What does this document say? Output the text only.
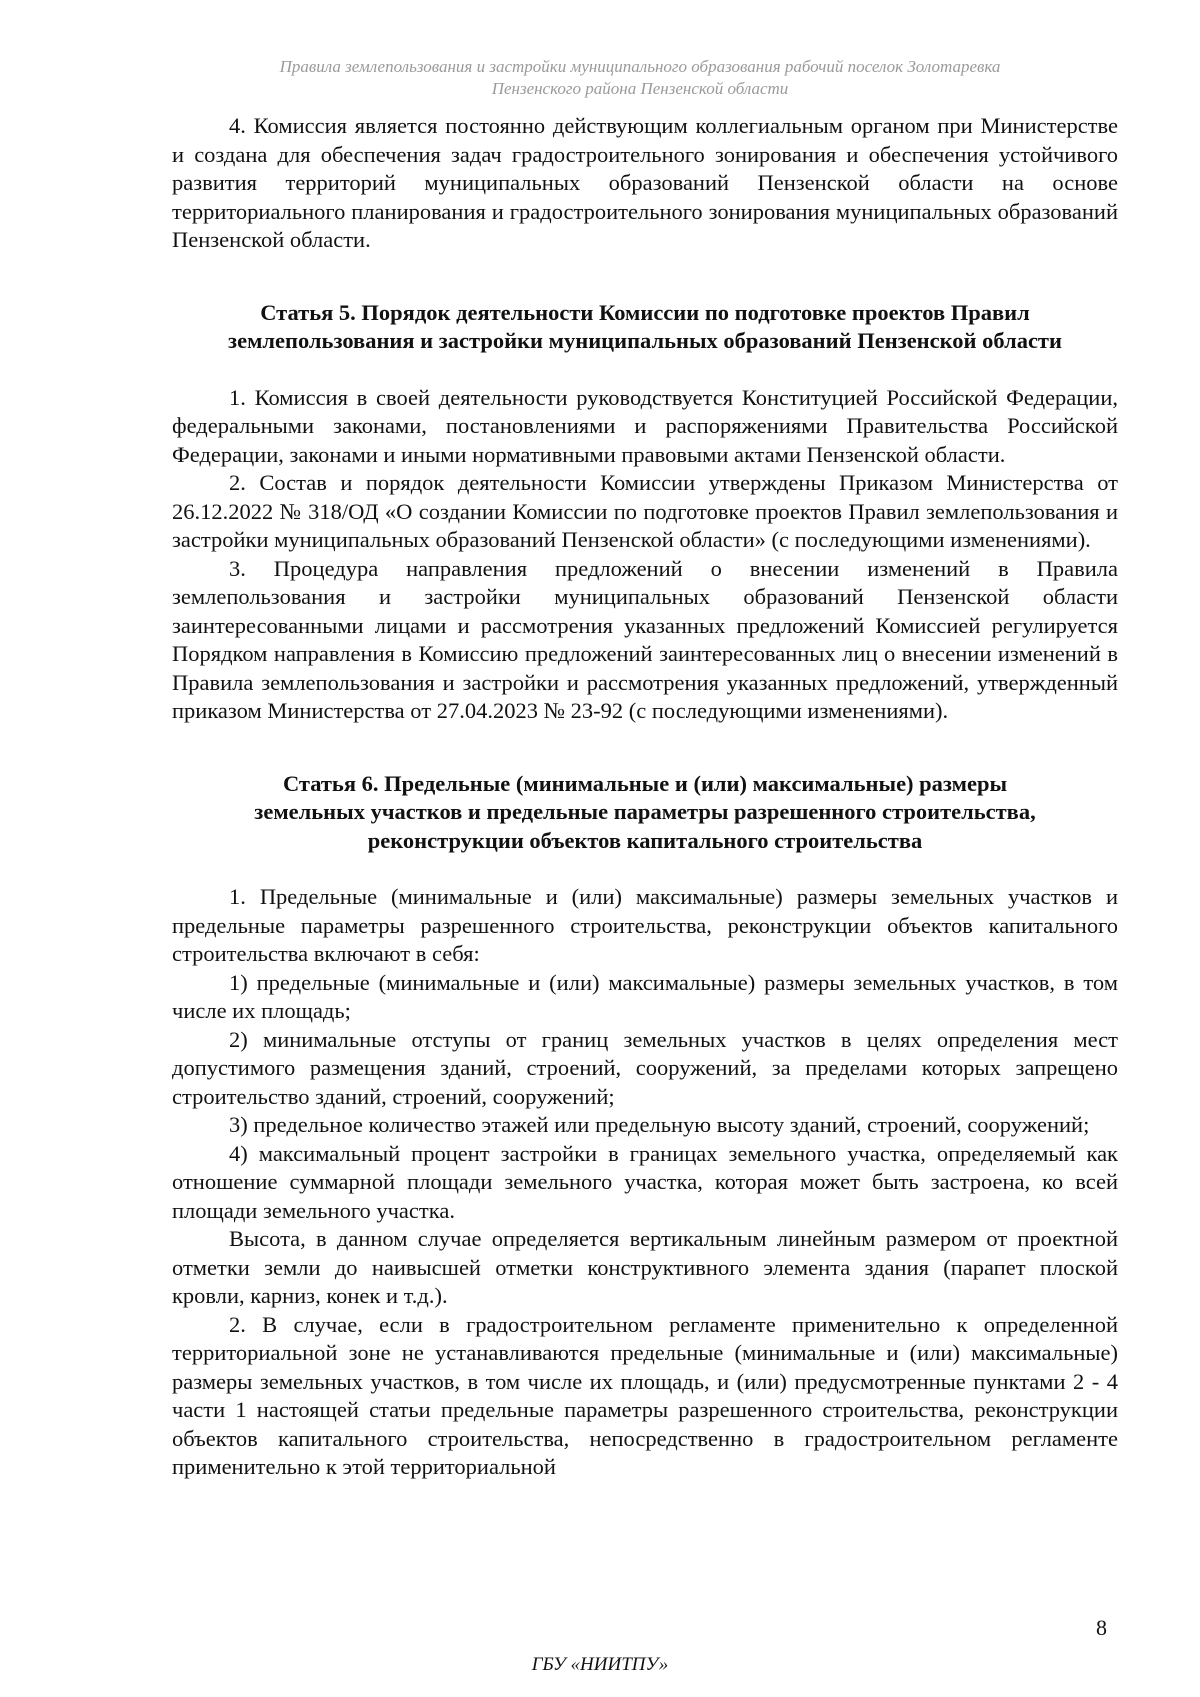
Правила землепользования и застройки муниципального образования рабочий поселок Золотаревка
Пензенского района Пензенской области

4. Комиссия является постоянно действующим коллегиальным органом при Министерстве и создана для обеспечения задач градостроительного зонирования и обеспечения устойчивого развития территорий муниципальных образований Пензенской области на основе территориального планирования и градостроительного зонирования муниципальных образований Пензенской области.

Статья 5. Порядок деятельности Комиссии по подготовке проектов Правил
землепользования и застройки муниципальных образований Пензенской области

1. Комиссия в своей деятельности руководствуется Конституцией Российской Федерации, федеральными законами, постановлениями и распоряжениями Правительства Российской Федерации, законами и иными нормативными правовыми актами Пензенской области.

2. Состав и порядок деятельности Комиссии утверждены Приказом Министерства от 26.12.2022 № 318/ОД «О создании Комиссии по подготовке проектов Правил землепользования и застройки муниципальных образований Пензенской области» (с последующими изменениями).

3. Процедура направления предложений о внесении изменений в Правила землепользования и застройки муниципальных образований Пензенской области заинтересованными лицами и рассмотрения указанных предложений Комиссией регулируется Порядком направления в Комиссию предложений заинтересованных лиц о внесении изменений в Правила землепользования и застройки и рассмотрения указанных предложений, утвержденный приказом Министерства от 27.04.2023 № 23-92 (с последующими изменениями).

Статья 6. Предельные (минимальные и (или) максимальные) размеры
земельных участков и предельные параметры разрешенного строительства,
реконструкции объектов капитального строительства

1. Предельные (минимальные и (или) максимальные) размеры земельных участков и предельные параметры разрешенного строительства, реконструкции объектов капитального строительства включают в себя:

1) предельные (минимальные и (или) максимальные) размеры земельных участков, в том числе их площадь;

2) минимальные отступы от границ земельных участков в целях определения мест допустимого размещения зданий, строений, сооружений, за пределами которых запрещено строительство зданий, строений, сооружений;

3) предельное количество этажей или предельную высоту зданий, строений, сооружений;

4) максимальный процент застройки в границах земельного участка, определяемый как отношение суммарной площади земельного участка, которая может быть застроена, ко всей площади земельного участка.

Высота, в данном случае определяется вертикальным линейным размером от проектной отметки земли до наивысшей отметки конструктивного элемента здания (парапет плоской кровли, карниз, конек и т.д.).

2. В случае, если в градостроительном регламенте применительно к определенной территориальной зоне не устанавливаются предельные (минимальные и (или) максимальные) размеры земельных участков, в том числе их площадь, и (или) предусмотренные пунктами 2 - 4 части 1 настоящей статьи предельные параметры разрешенного строительства, реконструкции объектов капитального строительства, непосредственно в градостроительном регламенте применительно к этой территориальной

8
ГБУ «НИИТПУ»
